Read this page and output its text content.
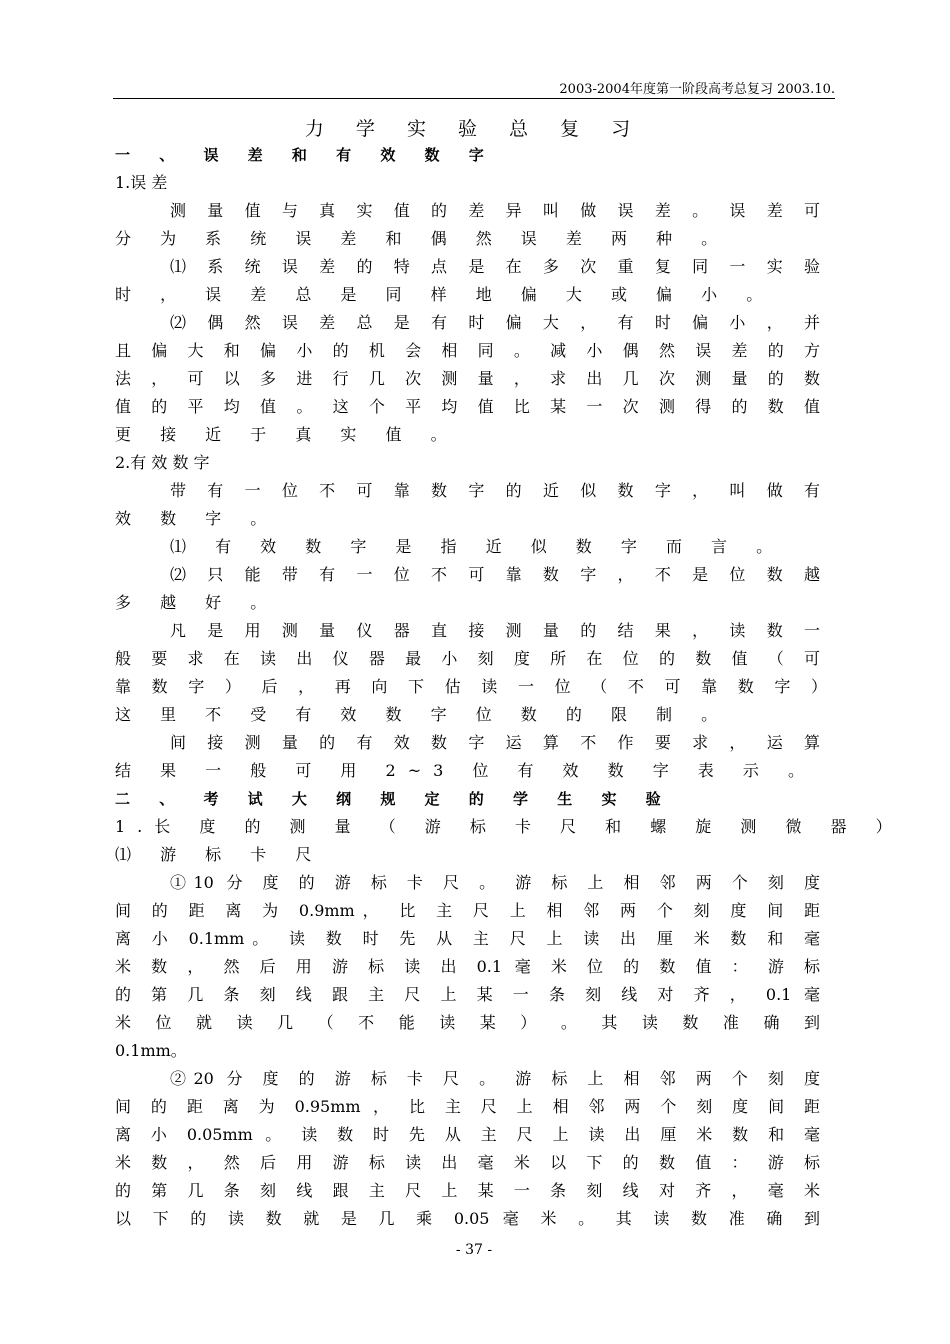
2003-2004年度第一阶段高考总复习 2003.10.
力 学 实 验 总 复 习
一 、 误 差 和 有 效 数 字
1.误 差
测 量 值 与 真 实 值 的 差 异 叫 做 误 差 。 误 差 可
分 为 系 统 误 差 和 偶 然 误 差 两 种 。
⑴ 系 统 误 差 的 特 点 是 在 多 次 重 复 同 一 实 验
时 ， 误 差 总 是 同 样 地 偏 大 或 偏 小 。
⑵ 偶 然 误 差 总 是 有 时 偏 大 ， 有 时 偏 小 ， 并
且 偏 大 和 偏 小 的 机 会 相 同 。 减 小 偶 然 误 差 的 方
法 ， 可 以 多 进 行 几 次 测 量 ， 求 出 几 次 测 量 的 数
值 的 平 均 值 。 这 个 平 均 值 比 某 一 次 测 得 的 数 值
更 接 近 于 真 实 值 。
2.有 效 数 字
带 有 一 位 不 可 靠 数 字 的 近 似 数 字 ， 叫 做 有
效 数 字 。
⑴ 有 效 数 字 是 指 近 似 数 字 而 言 。
⑵ 只 能 带 有 一 位 不 可 靠 数 字 ， 不 是 位 数 越
多 越 好 。
凡 是 用 测 量 仪 器 直 接 测 量 的 结 果 ， 读 数 一
般 要 求 在 读 出 仪 器 最 小 刻 度 所 在 位 的 数 值 （ 可
靠 数 字 ） 后 ， 再 向 下 估 读 一 位 （ 不 可 靠 数 字 ）
这 里 不 受 有 效 数 字 位 数 的 限 制 。
间 接 测 量 的 有 效 数 字 运 算 不 作 要 求 ， 运 算
结 果 一 般 可 用 2~3 位 有 效 数 字 表 示 。
二 、 考 试 大 纲 规 定 的 学 生 实 验
1.长 度 的 测 量 （ 游 标 卡 尺 和 螺 旋 测 微 器 ）
⑴ 游 标 卡 尺
①10 分 度 的 游 标 卡 尺 。 游 标 上 相 邻 两 个 刻 度
间 的 距 离 为 0.9mm， 比 主 尺 上 相 邻 两 个 刻 度 间 距
离 小 0.1mm。 读 数 时 先 从 主 尺 上 读 出 厘 米 数 和 毫
米 数 ， 然 后 用 游 标 读 出 0.1 毫 米 位 的 数 值 ： 游 标
的 第 几 条 刻 线 跟 主 尺 上 某 一 条 刻 线 对 齐 ， 0.1 毫
米 位 就 读 几 （ 不 能 读 某 ） 。 其 读 数 准 确 到
0.1mm。
②20 分 度 的 游 标 卡 尺 。 游 标 上 相 邻 两 个 刻 度
间 的 距 离 为 0.95mm ， 比 主 尺 上 相 邻 两 个 刻 度 间 距
离 小 0.05mm 。 读 数 时 先 从 主 尺 上 读 出 厘 米 数 和 毫
米 数 ， 然 后 用 游 标 读 出 毫 米 以 下 的 数 值 ： 游 标
的 第 几 条 刻 线 跟 主 尺 上 某 一 条 刻 线 对 齐 ， 毫 米
以 下 的 读 数 就 是 几 乘 0.05 毫 米 。 其 读 数 准 确 到
- 37 -
